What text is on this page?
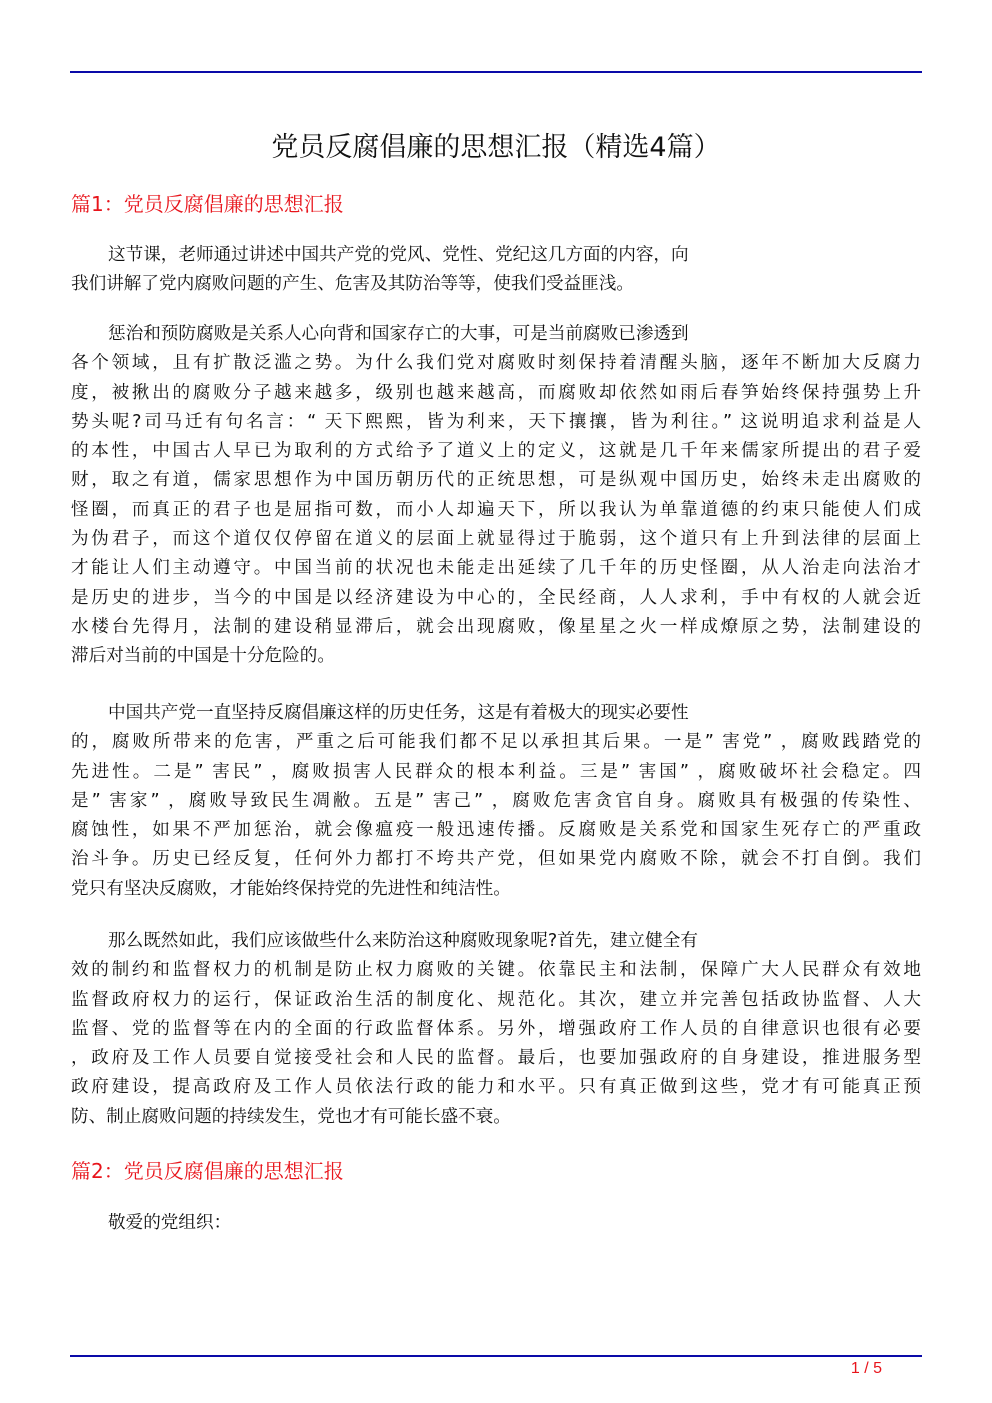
党员反腐倡廉的思想汇报（精选4篇）
篇1：党员反腐倡廉的思想汇报
这节课，老师通过讲述中国共产党的党风、党性、党纪这几方面的内容，向
我们讲解了党内腐败问题的产生、危害及其防治等等，使我们受益匪浅。
惩治和预防腐败是关系人心向背和国家存亡的大事，可是当前腐败已渗透到
各个领域，且有扩散泛滥之势。为什么我们党对腐败时刻保持着清醒头脑，逐年不断加大反腐力
度，被揪出的腐败分子越来越多，级别也越来越高，而腐败却依然如雨后春笋始终保持强势上升
势头呢?司马迁有句名言：“ 天下熙熙，皆为利来，天下攘攘，皆为利往。” 这说明追求利益是人
的本性，中国古人早已为取利的方式给予了道义上的定义，这就是几千年来儒家所提出的君子爱
财，取之有道，儒家思想作为中国历朝历代的正统思想，可是纵观中国历史，始终未走出腐败的
怪圈，而真正的君子也是屈指可数，而小人却遍天下，所以我认为单靠道德的约束只能使人们成
为伪君子，而这个道仅仅停留在道义的层面上就显得过于脆弱，这个道只有上升到法律的层面上
才能让人们主动遵守。中国当前的状况也未能走出延续了几千年的历史怪圈，从人治走向法治才
是历史的进步，当今的中国是以经济建设为中心的，全民经商，人人求利，手中有权的人就会近
水楼台先得月，法制的建设稍显滞后，就会出现腐败，像星星之火一样成燎原之势，法制建设的
滞后对当前的中国是十分危险的。
中国共产党一直坚持反腐倡廉这样的历史任务，这是有着极大的现实必要性
的，腐败所带来的危害，严重之后可能我们都不足以承担其后果。一是” 害党” ，腐败践踏党的
先进性。二是” 害民” ，腐败损害人民群众的根本利益。三是” 害国” ，腐败破坏社会稳定。四
是” 害家” ，腐败导致民生凋敝。五是” 害己” ，腐败危害贪官自身。腐败具有极强的传染性、
腐蚀性，如果不严加惩治，就会像瘟疫一般迅速传播。反腐败是关系党和国家生死存亡的严重政
治斗争。历史已经反复，任何外力都打不垮共产党，但如果党内腐败不除，就会不打自倒。我们
党只有坚决反腐败，才能始终保持党的先进性和纯洁性。
那么既然如此，我们应该做些什么来防治这种腐败现象呢?首先，建立健全有
效的制约和监督权力的机制是防止权力腐败的关键。依靠民主和法制，保障广大人民群众有效地
监督政府权力的运行，保证政治生活的制度化、规范化。其次，建立并完善包括政协监督、人大
监督、党的监督等在内的全面的行政监督体系。另外，增强政府工作人员的自律意识也很有必要
，政府及工作人员要自觉接受社会和人民的监督。最后，也要加强政府的自身建设，推进服务型
政府建设，提高政府及工作人员依法行政的能力和水平。只有真正做到这些，党才有可能真正预
防、制止腐败问题的持续发生，党也才有可能长盛不衰。
篇2：党员反腐倡廉的思想汇报
敬爱的党组织：
1 / 5
